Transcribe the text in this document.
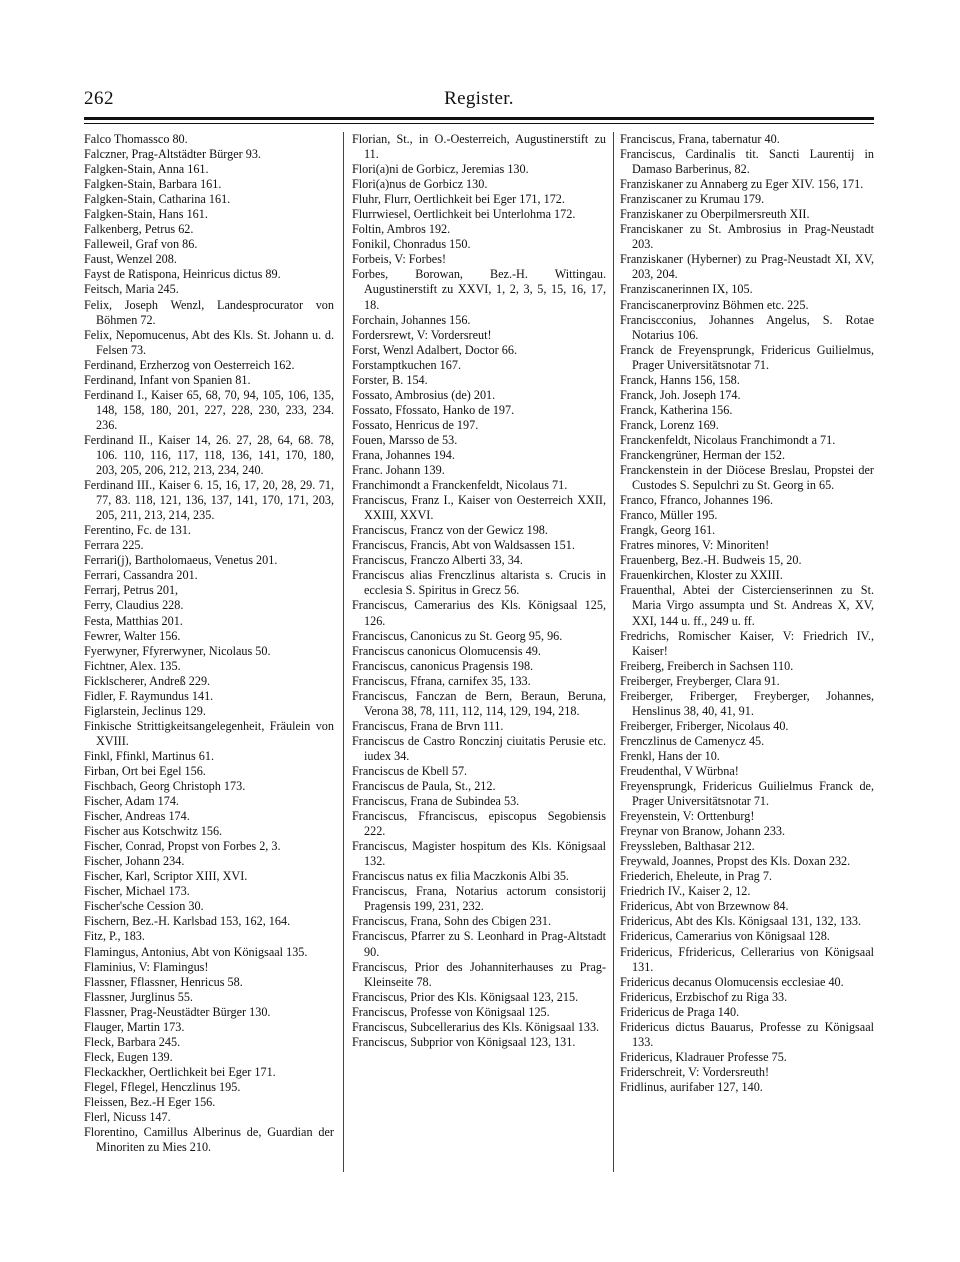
262	Register.
Falco Thomassco 80.
Falczner, Prag-Altstädter Bürger 93.
Falgken-Stain, Anna 161.
Falgken-Stain, Barbara 161.
Falgken-Stain, Catharina 161.
Falgken-Stain, Hans 161.
Falkenberg, Petrus 62.
Falleweil, Graf von 86.
Faust, Wenzel 208.
Fayst de Ratispona, Heinricus dictus 89.
Feitsch, Maria 245.
Felix, Joseph Wenzl, Landesprocurator von Böhmen 72.
Felix, Nepomucenus, Abt des Kls. St. Johann u. d. Felsen 73.
Ferdinand, Erzherzog von Oesterreich 162.
Ferdinand, Infant von Spanien 81.
Ferdinand I., Kaiser 65, 68, 70, 94, 105, 106, 135, 148, 158, 180, 201, 227, 228, 230, 233, 234. 236.
Ferdinand II., Kaiser 14, 26. 27, 28, 64, 68. 78, 106. 110, 116, 117, 118, 136, 141, 170, 180, 203, 205, 206, 212, 213, 234, 240.
Ferdinand III., Kaiser 6. 15, 16, 17, 20, 28, 29. 71, 77, 83. 118, 121, 136, 137, 141, 170, 171, 203, 205, 211, 213, 214, 235.
Ferentino, Fc. de 131.
Ferrara 225.
Ferrari(j), Bartholomaeus, Venetus 201.
Ferrari, Cassandra 201.
Ferrarj, Petrus 201,
Ferry, Claudius 228.
Festa, Matthias 201.
Fewrer, Walter 156.
Fyerwyner, Ffyrerwyner, Nicolaus 50.
Fichtner, Alex. 135.
Ficklscherer, Andreß 229.
Fidler, F. Raymundus 141.
Figlarstein, Jeclinus 129.
Finkische Strittigkeitsangelegenheit, Fräulein von XVIII.
Finkl, Ffinkl, Martinus 61.
Firban, Ort bei Egel 156.
Fischbach, Georg Christoph 173.
Fischer, Adam 174.
Fischer, Andreas 174.
Fischer aus Kotschwitz 156.
Fischer, Conrad, Propst von Forbes 2, 3.
Fischer, Johann 234.
Fischer, Karl, Scriptor XIII, XVI.
Fischer, Michael 173.
Fischer'sche Cession 30.
Fischern, Bez.-H. Karlsbad 153, 162, 164.
Fitz, P., 183.
Flamingus, Antonius, Abt von Königsaal 135.
Flaminius, V: Flamingus!
Flassner, Fflassner, Henricus 58.
Flassner, Jurglinus 55.
Flassner, Prag-Neustädter Bürger 130.
Flauger, Martin 173.
Fleck, Barbara 245.
Fleck, Eugen 139.
Fleckackher, Oertlichkeit bei Eger 171.
Flegel, Fflegel, Henczlinus 195.
Fleissen, Bez.-H Eger 156.
Flerl, Nicuss 147.
Florentino, Camillus Alberinus de, Guardian der Minoriten zu Mies 210.
Florian, St., in O.-Oesterreich, Augustinerstift zu 11.
Flori(a)ni de Gorbicz, Jeremias 130.
Flori(a)nus de Gorbicz 130.
Fluhr, Flurr, Oertlichkeit bei Eger 171, 172.
Flurrwiesel, Oertlichkeit bei Unterlohma 172.
Foltin, Ambros 192.
Fonikil, Chonradus 150.
Forbeis, V: Forbes!
Forbes, Borowan, Bez.-H. Wittingau. Augustinerstift zu XXVI, 1, 2, 3, 5, 15, 16, 17, 18.
Forchain, Johannes 156.
Fordersrewt, V: Vordersreut!
Forst, Wenzl Adalbert, Doctor 66.
Forstamptkuchen 167.
Forster, B. 154.
Fossato, Ambrosius (de) 201.
Fossato, Ffossato, Hanko de 197.
Fossato, Henricus de 197.
Fouen, Marsso de 53.
Frana, Johannes 194.
Franc. Johann 139.
Franchimondt a Franckenfeldt, Nicolaus 71.
Franciscus, Franz I., Kaiser von Oesterreich XXII, XXIII, XXVI.
Franciscus, Francz von der Gewicz 198.
Franciscus, Francis, Abt von Waldsassen 151.
Franciscus, Franczo Alberti 33, 34.
Franciscus alias Frenczlinus altarista s. Crucis in ecclesia S. Spiritus in Grecz 56.
Franciscus, Camerarius des Kls. Königsaal 125, 126.
Franciscus, Canonicus zu St. Georg 95, 96.
Franciscus canonicus Olomucensis 49.
Franciscus, canonicus Pragensis 198.
Franciscus, Ffrana, carnifex 35, 133.
Franciscus, Fanczan de Bern, Beraun, Beruna, Verona 38, 78, 111, 112, 114, 129, 194, 218.
Franciscus, Frana de Brvn 111.
Franciscus de Castro Ronczinj ciuitatis Perusie etc. iudex 34.
Franciscus de Kbell 57.
Franciscus de Paula, St., 212.
Franciscus, Frana de Subindea 53.
Franciscus, Ffranciscus, episcopus Segobiensis 222.
Franciscus, Magister hospitum des Kls. Königsaal 132.
Franciscus natus ex filia Maczkonis Albi 35.
Franciscus, Frana, Notarius actorum consistorij Pragensis 199, 231, 232.
Franciscus, Frana, Sohn des Cbigen 231.
Franciscus, Pfarrer zu S. Leonhard in Prag-Altstadt 90.
Franciscus, Prior des Johanniterhauses zu Prag-Kleinseite 78.
Franciscus, Prior des Kls. Königsaal 123, 215.
Franciscus, Professe von Königsaal 125.
Franciscus, Subcellerarius des Kls. Königsaal 133.
Franciscus, Subprior von Königsaal 123, 131.
Franciscus, Frana, tabernatur 40.
Franciscus, Cardinalis tit. Sancti Laurentij in Damaso Barberinus, 82.
Franziskaner zu Annaberg zu Eger XIV. 156, 171.
Franziscaner zu Krumau 179.
Franziskaner zu Oberpilmersreuth XII.
Franciskaner zu St. Ambrosius in Prag-Neustadt 203.
Franziskaner (Hyberner) zu Prag-Neustadt XI, XV, 203, 204.
Franziscanerinnen IX, 105.
Franciscanerprovinz Böhmen etc. 225.
Franciscconius, Johannes Angelus, S. Rotae Notarius 106.
Franck de Freyensprungk, Fridericus Guilielmus, Prager Universitätsnotar 71.
Franck, Hanns 156, 158.
Franck, Joh. Joseph 174.
Franck, Katherina 156.
Franck, Lorenz 169.
Franckenfeldt, Nicolaus Franchimondt a 71.
Franckengrüner, Herman der 152.
Franckenstein in der Diöcese Breslau, Propstei der Custodes S. Sepulchri zu St. Georg in 65.
Franco, Ffranco, Johannes 196.
Franco, Müller 195.
Frangk, Georg 161.
Fratres minores, V: Minoriten!
Frauenberg, Bez.-H. Budweis 15, 20.
Frauenkirchen, Kloster zu XXIII.
Frauenthal, Abtei der Cistercienserinnen zu St. Maria Virgo assumpta und St. Andreas X, XV, XXI, 144 u. ff., 249 u. ff.
Fredrichs, Romischer Kaiser, V: Friedrich IV., Kaiser!
Freiberg, Freiberch in Sachsen 110.
Freiberger, Freyberger, Clara 91.
Freiberger, Friberger, Freyberger, Johannes, Henslinus 38, 40, 41, 91.
Freiberger, Friberger, Nicolaus 40.
Frenczlinus de Camenycz 45.
Frenkl, Hans der 10.
Freudenthal, V Würbna!
Freyensprungk, Fridericus Guilielmus Franck de, Prager Universitätsnotar 71.
Freyenstein, V: Orttenburg!
Freynar von Branow, Johann 233.
Freyssleben, Balthasar 212.
Freywald, Joannes, Propst des Kls. Doxan 232.
Friederich, Eheleute, in Prag 7.
Friedrich IV., Kaiser 2, 12.
Fridericus, Abt von Brzewnow 84.
Fridericus, Abt des Kls. Königsaal 131, 132, 133.
Fridericus, Camerarius von Königsaal 128.
Fridericus, Ffridericus, Cellerarius von Königsaal 131.
Fridericus decanus Olomucensis ecclesiae 40.
Fridericus, Erzbischof zu Riga 33.
Fridericus de Praga 140.
Fridericus dictus Bauarus, Professe zu Königsaal 133.
Fridericus, Kladrauer Professe 75.
Friderschreit, V: Vordersreuth!
Fridlinus, aurifaber 127, 140.
